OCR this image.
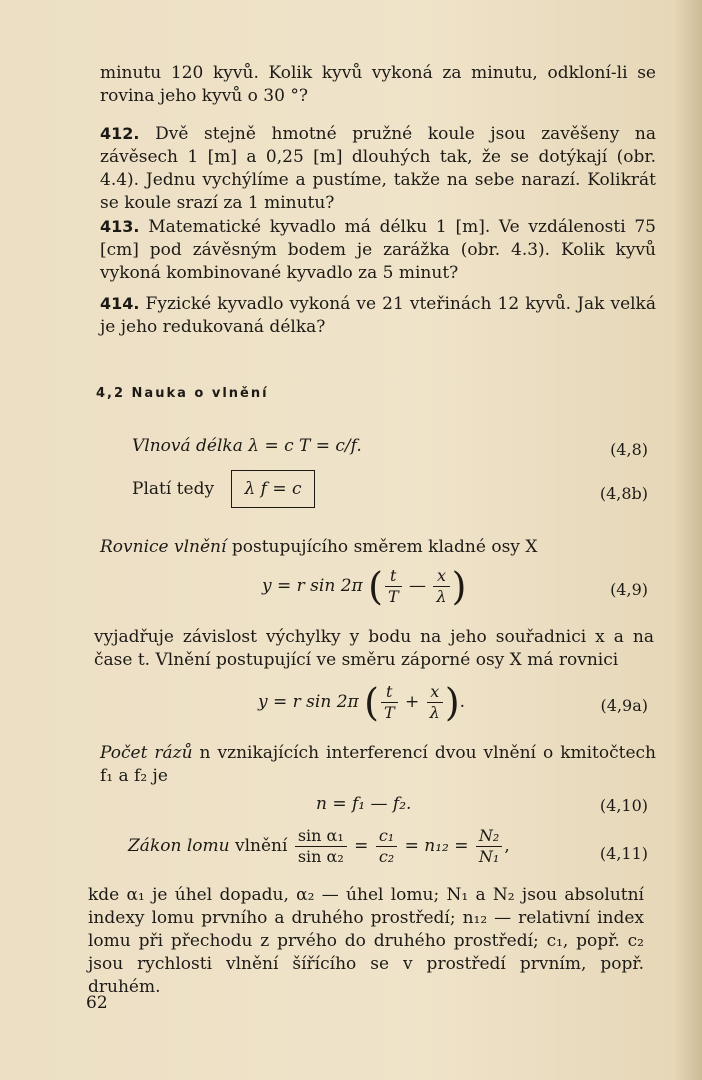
minutu 120 kyvů. Kolik kyvů vykoná za minutu, odkloní-li se rovina jeho kyvů o 30 °?

412. Dvě stejně hmotné pružné koule jsou zavěšeny na závěsech 1 [m] a 0,25 [m] dlouhých tak, že se dotýkají (obr. 4.4). Jednu vychýlíme a pustíme, takže na sebe narazí. Kolikrát se koule srazí za 1 minutu?

413. Matematické kyvadlo má délku 1 [m]. Ve vzdálenosti 75 [cm] pod závěsným bodem je zarážka (obr. 4.3). Kolik kyvů vykoná kombinované kyvadlo za 5 minut?

414. Fyzické kyvadlo vykoná ve 21 vteřinách 12 kyvů. Jak velká je jeho redukovaná délka?

4,2 Nauka o vlnění
Vlnová délka λ = c T = c/f.	(4,8)
Platí tedy λ f = c	(4,8b)

Rovnice vlnění postupujícího směrem kladné osy X

y = r sin 2π ( $\frac{t}{T}$ — $\frac{x}{\lambda}$ )	(4,9)

vyjadřuje závislost výchylky y bodu na jeho souřadnici x a na čase t. Vlnění postupující ve směru záporné osy X má rovnici

y = r sin 2π ( $\frac{t}{T} + \frac{x}{\lambda}$ ).	(4,9a)

Počet rázů n vznikajících interferencí dvou vlnění o kmitočtech f₁ a f₂ je

n = f₁ — f₂.	(4,10)
Zákon lomu vlnění $\frac{\text{sin α₁}}{\text{sin α₂}} = \frac{\text{c₁}}{\text{c₂}} = n_{12} = \frac{\text{N₂}}{\text{N₁}}$ ,	(4,11)

kde α₁ je úhel dopadu, α₂ — úhel lomu; N₁ a N₂ jsou absolutní indexy lomu prvního a druhého prostředí; n₁₂ — relativní index lomu při přechodu z prvého do druhého prostředí; c₁, popř. c₂ jsou rychlosti vlnění šířícího se v prostředí prvním, popř. druhém.

62
